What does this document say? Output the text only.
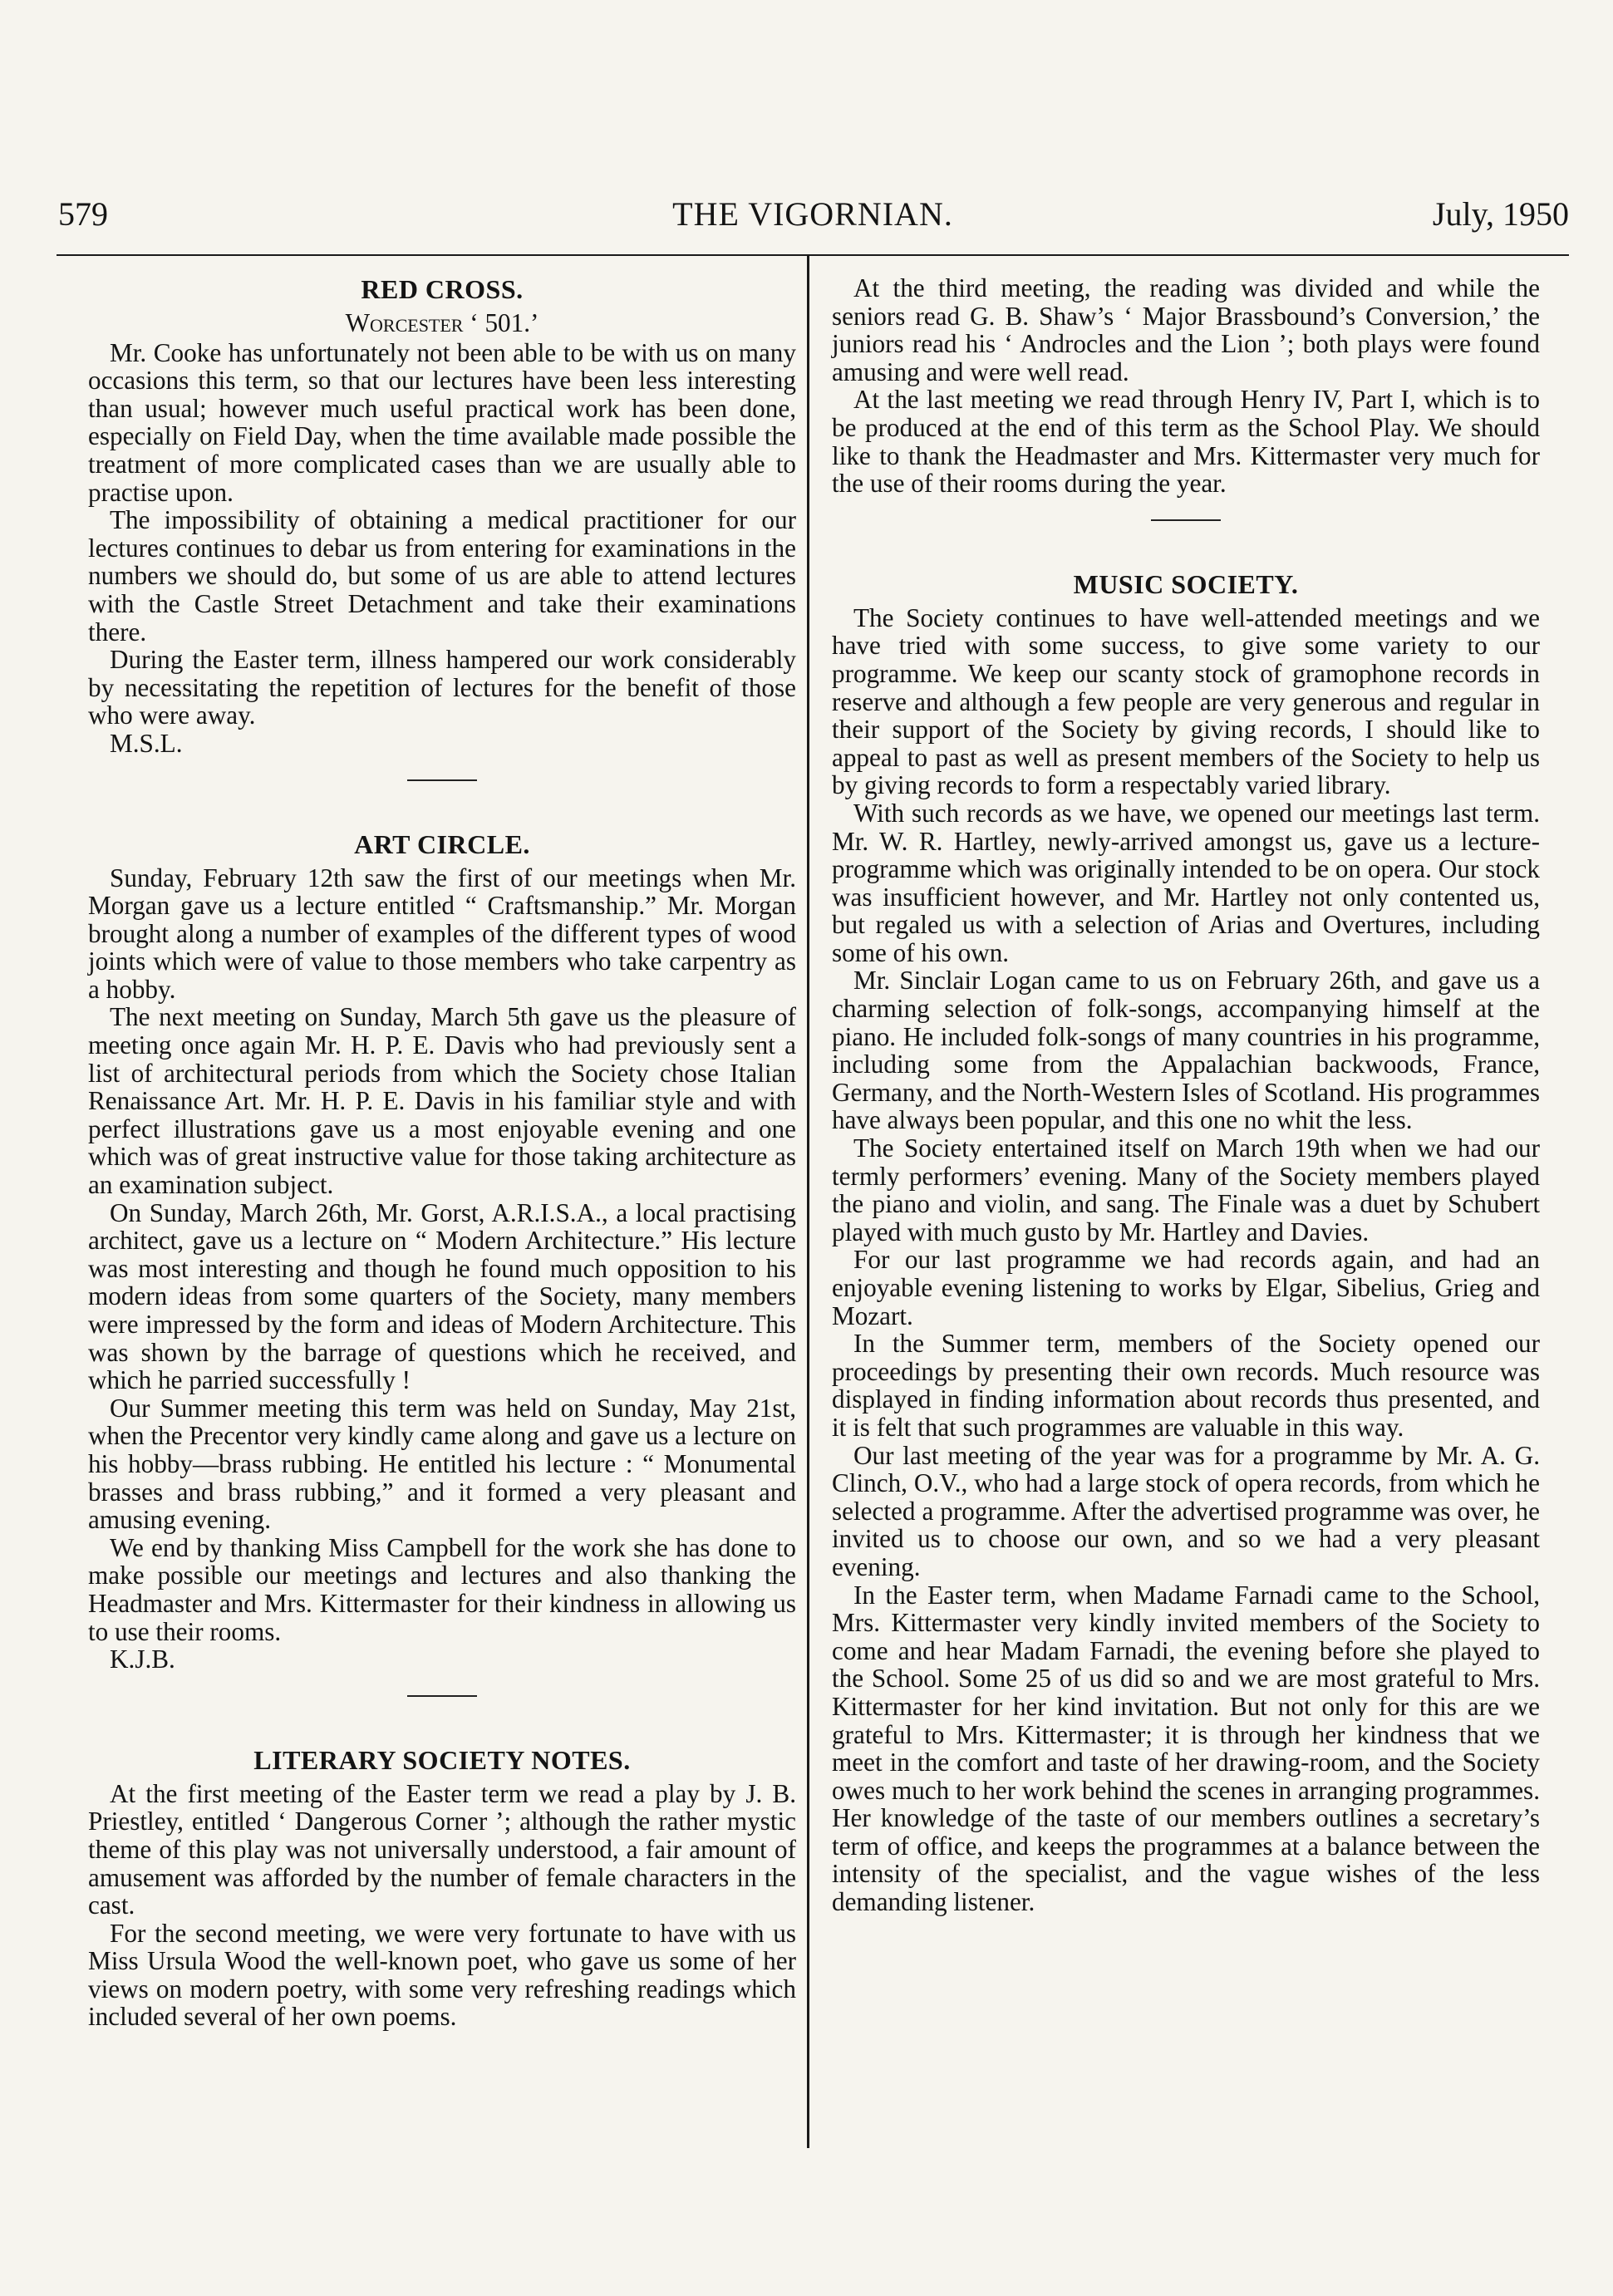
579	THE VIGORNIAN.	July, 1950
RED CROSS.
Worcester ‘ 501.’

Mr. Cooke has unfortunately not been able to be with us on many occasions this term, so that our lectures have been less interesting than usual; however much useful practical work has been done, especially on Field Day, when the time available made possible the treatment of more complicated cases than we are usually able to practise upon.

The impossibility of obtaining a medical practitioner for our lectures continues to debar us from entering for examinations in the numbers we should do, but some of us are able to attend lectures with the Castle Street Detachment and take their examinations there.

During the Easter term, illness hampered our work considerably by necessitating the repetition of lectures for the benefit of those who were away.

M.S.L.

ART CIRCLE.

Sunday, February 12th saw the first of our meetings when Mr. Morgan gave us a lecture entitled “ Craftsmanship.” Mr. Morgan brought along a number of examples of the different types of wood joints which were of value to those members who take carpentry as a hobby.

The next meeting on Sunday, March 5th gave us the pleasure of meeting once again Mr. H. P. E. Davis who had previously sent a list of architectural periods from which the Society chose Italian Renaissance Art. Mr. H. P. E. Davis in his familiar style and with perfect illustrations gave us a most enjoyable evening and one which was of great instructive value for those taking architecture as an examination subject.

On Sunday, March 26th, Mr. Gorst, A.R.I.S.A., a local practising architect, gave us a lecture on “ Modern Architecture.” His lecture was most interesting and though he found much opposition to his modern ideas from some quarters of the Society, many members were impressed by the form and ideas of Modern Architecture. This was shown by the barrage of questions which he received, and which he parried successfully !

Our Summer meeting this term was held on Sunday, May 21st, when the Precentor very kindly came along and gave us a lecture on his hobby—brass rubbing. He entitled his lecture : “ Monumental brasses and brass rubbing,” and it formed a very pleasant and amusing evening.

We end by thanking Miss Campbell for the work she has done to make possible our meetings and lectures and also thanking the Headmaster and Mrs. Kittermaster for their kindness in allowing us to use their rooms.

K.J.B.

LITERARY SOCIETY NOTES.

At the first meeting of the Easter term we read a play by J. B. Priestley, entitled ‘ Dangerous Corner ’; although the rather mystic theme of this play was not universally understood, a fair amount of amusement was afforded by the number of female characters in the cast.

For the second meeting, we were very fortunate to have with us Miss Ursula Wood the well-known poet, who gave us some of her views on modern poetry, with some very refreshing readings which included several of her own poems.

At the third meeting, the reading was divided and while the seniors read G. B. Shaw’s ‘ Major Brassbound’s Conversion,’ the juniors read his ‘ Androcles and the Lion ’; both plays were found amusing and were well read.

At the last meeting we read through Henry IV, Part I, which is to be produced at the end of this term as the School Play. We should like to thank the Headmaster and Mrs. Kittermaster very much for the use of their rooms during the year.

MUSIC SOCIETY.

The Society continues to have well-attended meetings and we have tried with some success, to give some variety to our programme. We keep our scanty stock of gramophone records in reserve and although a few people are very generous and regular in their support of the Society by giving records, I should like to appeal to past as well as present members of the Society to help us by giving records to form a respectably varied library.

With such records as we have, we opened our meetings last term. Mr. W. R. Hartley, newly-arrived amongst us, gave us a lecture-programme which was originally intended to be on opera. Our stock was insufficient however, and Mr. Hartley not only contented us, but regaled us with a selection of Arias and Overtures, including some of his own.

Mr. Sinclair Logan came to us on February 26th, and gave us a charming selection of folk-songs, accompanying himself at the piano. He included folk-songs of many countries in his programme, including some from the Appalachian backwoods, France, Germany, and the North-Western Isles of Scotland. His programmes have always been popular, and this one no whit the less.

The Society entertained itself on March 19th when we had our termly performers’ evening. Many of the Society members played the piano and violin, and sang. The Finale was a duet by Schubert played with much gusto by Mr. Hartley and Davies.

For our last programme we had records again, and had an enjoyable evening listening to works by Elgar, Sibelius, Grieg and Mozart.

In the Summer term, members of the Society opened our proceedings by presenting their own records. Much resource was displayed in finding information about records thus presented, and it is felt that such programmes are valuable in this way.

Our last meeting of the year was for a programme by Mr. A. G. Clinch, O.V., who had a large stock of opera records, from which he selected a programme. After the advertised programme was over, he invited us to choose our own, and so we had a very pleasant evening.

In the Easter term, when Madame Farnadi came to the School, Mrs. Kittermaster very kindly invited members of the Society to come and hear Madam Farnadi, the evening before she played to the School. Some 25 of us did so and we are most grateful to Mrs. Kittermaster for her kind invitation. But not only for this are we grateful to Mrs. Kittermaster; it is through her kindness that we meet in the comfort and taste of her drawing-room, and the Society owes much to her work behind the scenes in arranging programmes. Her knowledge of the taste of our members outlines a secretary’s term of office, and keeps the programmes at a balance between the intensity of the specialist, and the vague wishes of the less demanding listener.
